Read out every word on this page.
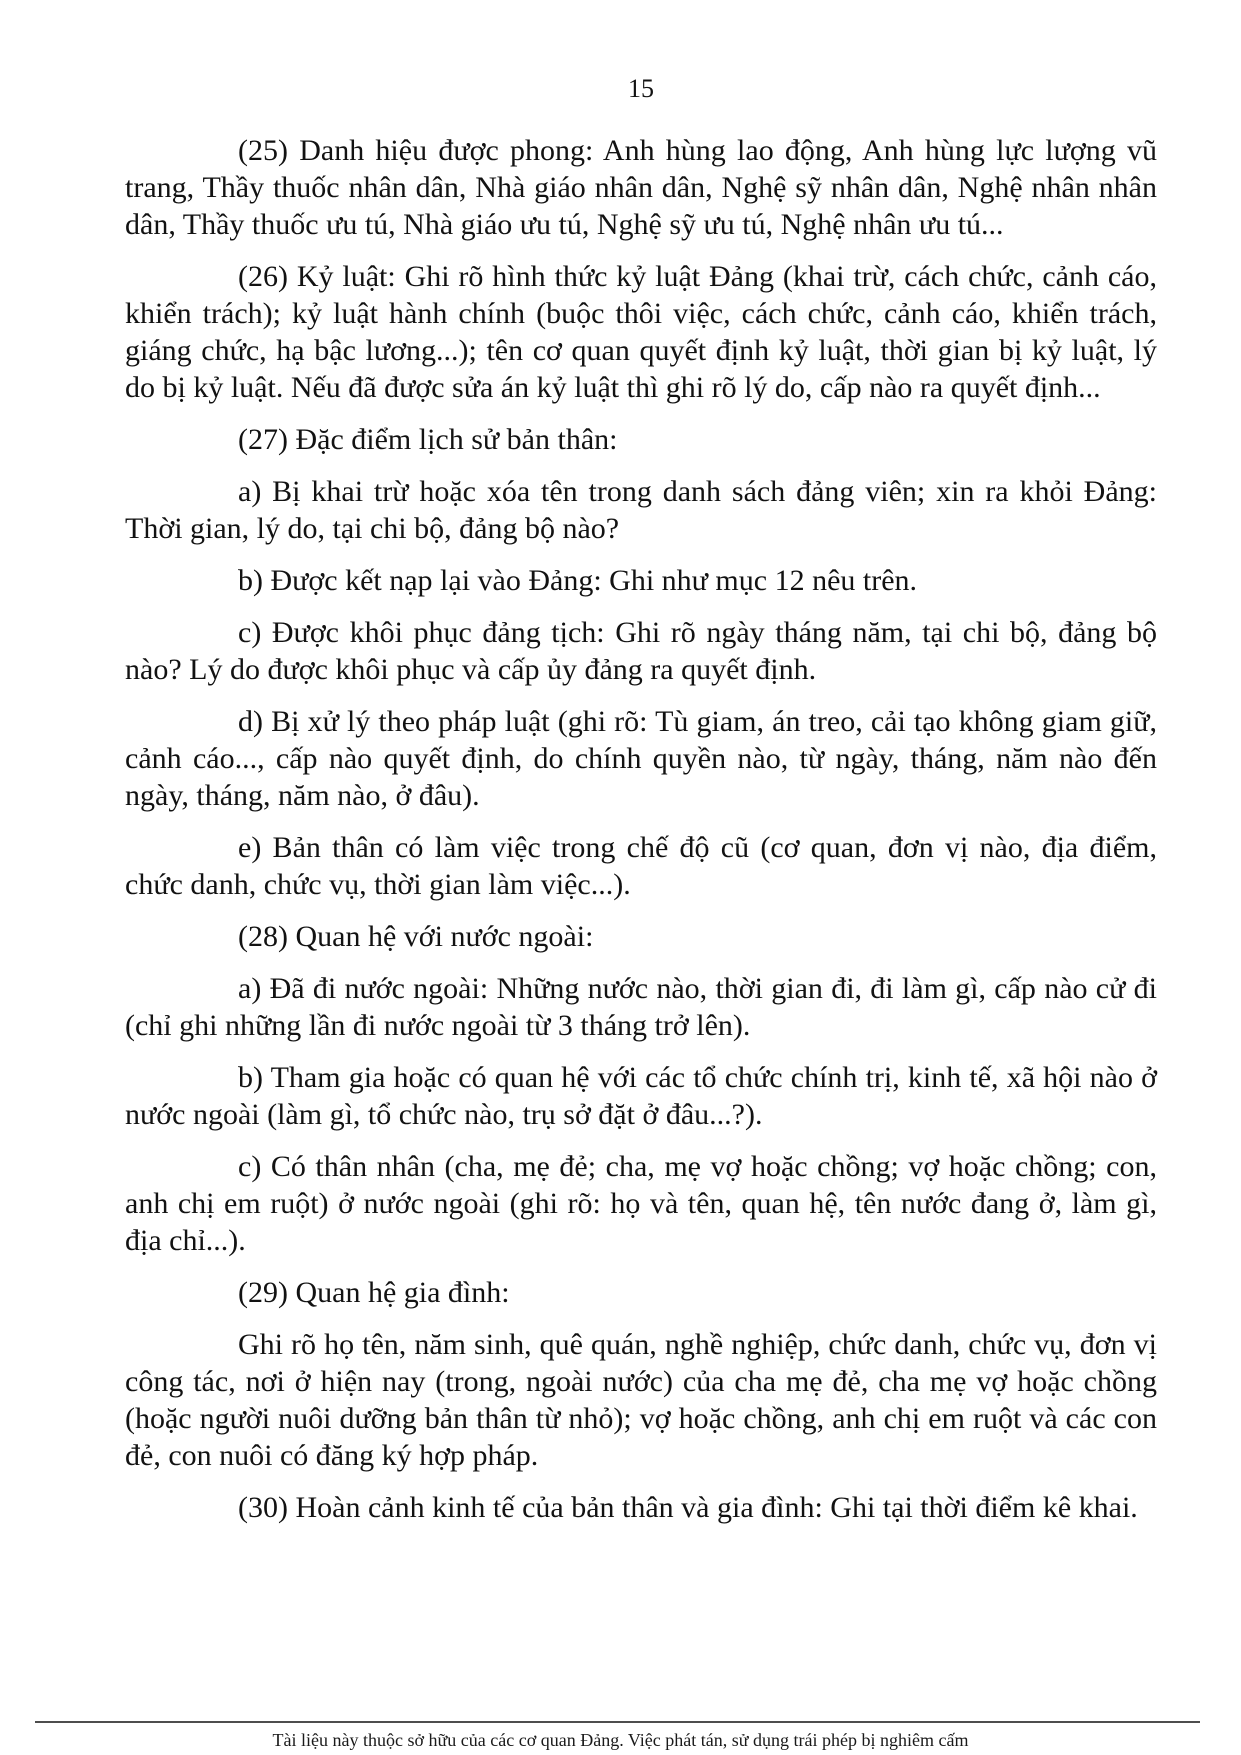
15

(25) Danh hiệu được phong: Anh hùng lao động, Anh hùng lực lượng vũ trang, Thầy thuốc nhân dân, Nhà giáo nhân dân, Nghệ sỹ nhân dân, Nghệ nhân nhân dân, Thầy thuốc ưu tú, Nhà giáo ưu tú, Nghệ sỹ ưu tú, Nghệ nhân ưu tú...

(26) Kỷ luật: Ghi rõ hình thức kỷ luật Đảng (khai trừ, cách chức, cảnh cáo, khiển trách); kỷ luật hành chính (buộc thôi việc, cách chức, cảnh cáo, khiển trách, giáng chức, hạ bậc lương...); tên cơ quan quyết định kỷ luật, thời gian bị kỷ luật, lý do bị kỷ luật. Nếu đã được sửa án kỷ luật thì ghi rõ lý do, cấp nào ra quyết định...

(27) Đặc điểm lịch sử bản thân:

a) Bị khai trừ hoặc xóa tên trong danh sách đảng viên; xin ra khỏi Đảng: Thời gian, lý do, tại chi bộ, đảng bộ nào?

b) Được kết nạp lại vào Đảng: Ghi như mục 12 nêu trên.

c) Được khôi phục đảng tịch: Ghi rõ ngày tháng năm, tại chi bộ, đảng bộ nào? Lý do được khôi phục và cấp ủy đảng ra quyết định.

d) Bị xử lý theo pháp luật (ghi rõ: Tù giam, án treo, cải tạo không giam giữ, cảnh cáo..., cấp nào quyết định, do chính quyền nào, từ ngày, tháng, năm nào đến ngày, tháng, năm nào, ở đâu).

e) Bản thân có làm việc trong chế độ cũ (cơ quan, đơn vị nào, địa điểm, chức danh, chức vụ, thời gian làm việc...).

(28) Quan hệ với nước ngoài:

a) Đã đi nước ngoài: Những nước nào, thời gian đi, đi làm gì, cấp nào cử đi (chỉ ghi những lần đi nước ngoài từ 3 tháng trở lên).

b) Tham gia hoặc có quan hệ với các tổ chức chính trị, kinh tế, xã hội nào ở nước ngoài (làm gì, tổ chức nào, trụ sở đặt ở đâu...?).

c) Có thân nhân (cha, mẹ đẻ; cha, mẹ vợ hoặc chồng; vợ hoặc chồng; con, anh chị em ruột) ở nước ngoài (ghi rõ: họ và tên, quan hệ, tên nước đang ở, làm gì, địa chỉ...).

(29) Quan hệ gia đình:

Ghi rõ họ tên, năm sinh, quê quán, nghề nghiệp, chức danh, chức vụ, đơn vị công tác, nơi ở hiện nay (trong, ngoài nước) của cha mẹ đẻ, cha mẹ vợ hoặc chồng (hoặc người nuôi dưỡng bản thân từ nhỏ); vợ hoặc chồng, anh chị em ruột và các con đẻ, con nuôi có đăng ký hợp pháp.

(30) Hoàn cảnh kinh tế của bản thân và gia đình: Ghi tại thời điểm kê khai.

Tài liệu này thuộc sở hữu của các cơ quan Đảng. Việc phát tán, sử dụng trái phép bị nghiêm cấm
